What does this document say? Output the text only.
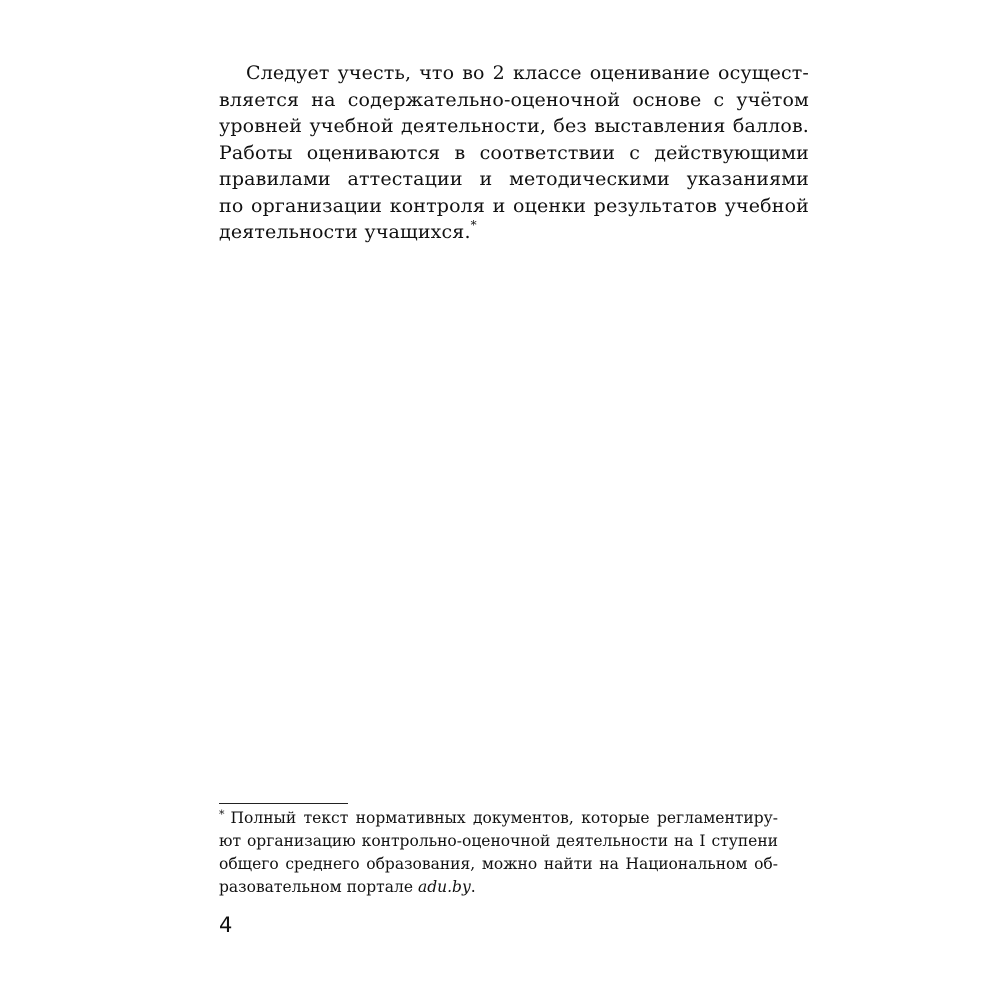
Следует учесть, что во 2 классе оценивание осущест-
вляется на содержательно-оценочной основе с учётом
уровней учебной деятельности, без выставления баллов.
Работы оцениваются в соответствии с действующими
правилами аттестации и методическими указаниями
по организации контроля и оценки результатов учебной
деятельности учащихся.*
* Полный текст нормативных документов, которые регламентиру-
ют организацию контрольно-оценочной деятельности на I ступени
общего среднего образования, можно найти на Национальном об-
разовательном портале adu.by.
4
